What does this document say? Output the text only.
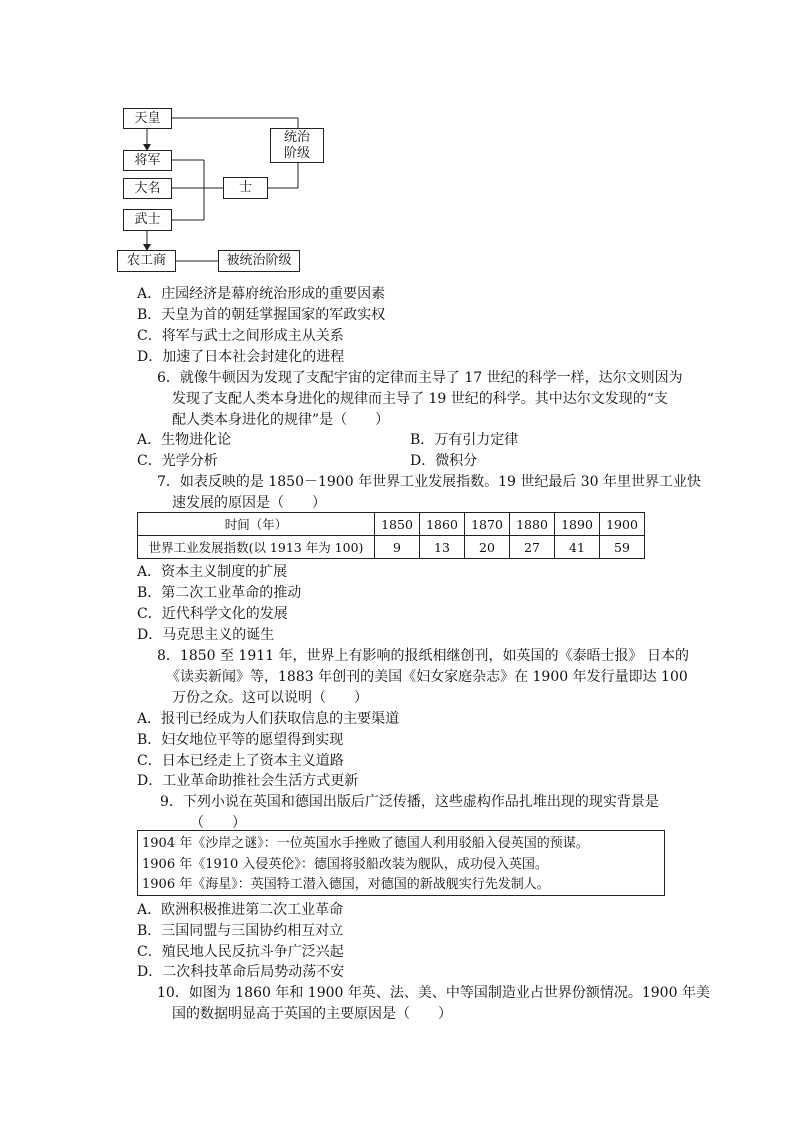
天皇
将军
大名
武士
农工商
士
统治阶级
被统治阶级
A．庄园经济是幕府统治形成的重要因素
B．天皇为首的朝廷掌握国家的军政实权
C．将军与武士之间形成主从关系
D．加速了日本社会封建化的进程
6．就像牛顿因为发现了支配宇宙的定律而主导了 17 世纪的科学一样，达尔文则因为
发现了支配人类本身进化的规律而主导了 19 世纪的科学。其中达尔文发现的“支
配人类本身进化的规律”是（　　）
A．生物进化论	B．万有引力定律
C．光学分析	D．微积分
7．如表反映的是 1850－1900 年世界工业发展指数。19 世纪最后 30 年里世界工业快
速发展的原因是（　　）
时间（年）	1850	1860	1870	1880	1890	1900
世界工业发展指数(以 1913 年为 100)	9	13	20	27	41	59
A．资本主义制度的扩展
B．第二次工业革命的推动
C．近代科学文化的发展
D．马克思主义的诞生
8．1850 至 1911 年，世界上有影响的报纸相继创刊，如英国的《泰晤士报》 日本的
《读卖新闻》等，1883 年创刊的美国《妇女家庭杂志》在 1900 年发行量即达 100
万份之众。这可以说明（　　）
A．报刊已经成为人们获取信息的主要渠道
B．妇女地位平等的愿望得到实现
C．日本已经走上了资本主义道路
D．工业革命助推社会生活方式更新
9．下列小说在英国和德国出版后广泛传播，这些虚构作品扎堆出现的现实背景是
（　　）
1904 年《沙岸之谜》：一位英国水手挫败了德国人利用驳船入侵英国的预谋。
1906 年《1910 入侵英伦》：德国将驳船改装为舰队，成功侵入英国。
1906 年《海星》：英国特工潜入德国，对德国的新战舰实行先发制人。
A．欧洲积极推进第二次工业革命
B．三国同盟与三国协约相互对立
C．殖民地人民反抗斗争广泛兴起
D．二次科技革命后局势动荡不安
10．如图为 1860 年和 1900 年英、法、美、中等国制造业占世界份额情况。1900 年美
国的数据明显高于英国的主要原因是（　　）
